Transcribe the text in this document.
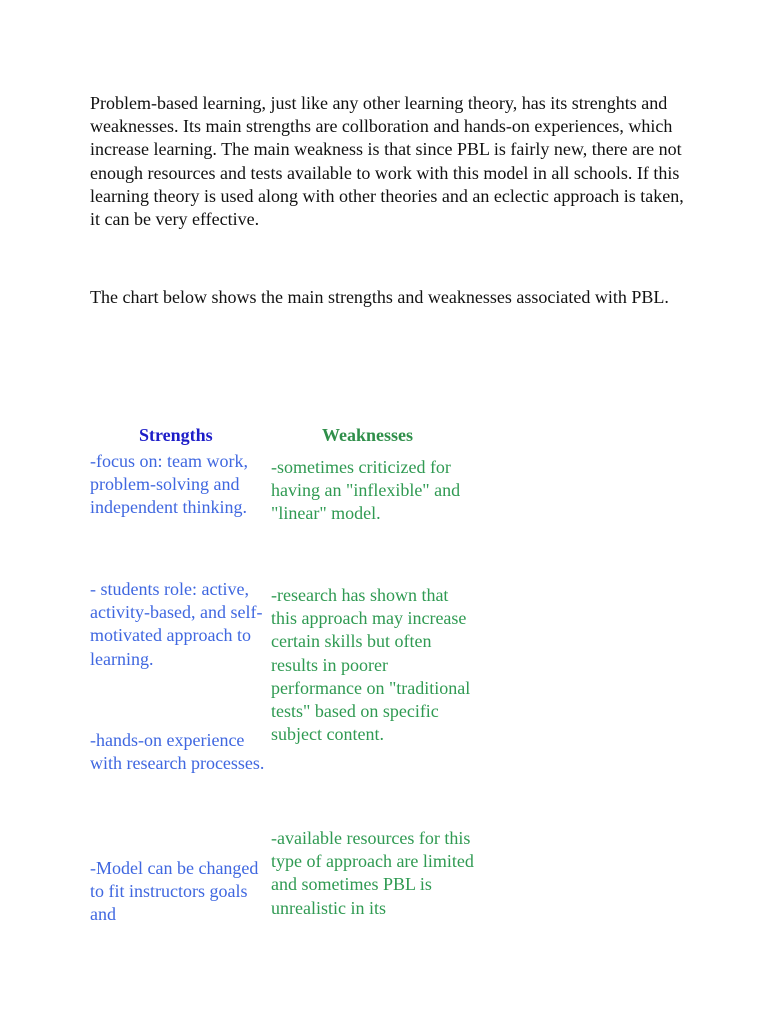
Problem-based learning, just like any other learning theory, has its strenghts and weaknesses. Its main strengths are collboration and hands-on experiences, which increase learning. The main weakness is that since PBL is fairly new, there are not enough resources and tests available to work with this model in all schools. If this learning theory is used along with other theories and an eclectic approach is taken, it can be very effective.

The chart below shows the main strengths and weaknesses associated with PBL.

Strengths	Weaknesses

-focus on: team work, problem-solving and independent thinking.

- students role: active, activity-based, and self-motivated approach to learning.

-hands-on experience with research processes.

-Model can be changed to fit instructors goals and

-sometimes criticized for having an "inflexible" and "linear" model.

-research has shown that this approach may increase certain skills but often results in poorer performance on "traditional tests" based on specific subject content.

-available resources for this type of approach are limited and sometimes PBL is unrealistic in its
